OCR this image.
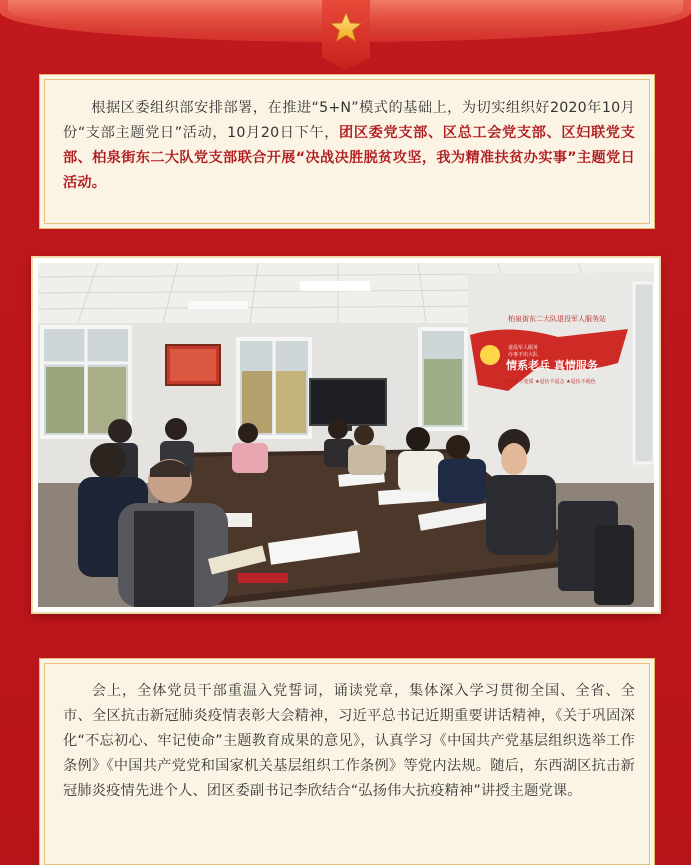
根据区委组织部安排部署，在推进“5+N”模式的基础上，为切实组织好2020年10月份“支部主题党日”活动，10月20日下午，团区委党支部、区总工会党支部、区妇联党支部、柏泉街东二大队党支部联合开展“决战决胜脱贫攻坚，我为精准扶贫办实事”主题党日活动。
柏泉街东二大队退役军人服务站
退役军人服务
办事不出大队
情系老兵 真情服务
★思想不变质 ★退伍不退志 ★退伍不褪色
会上，全体党员干部重温入党誓词，诵读党章，集体深入学习贯彻全国、全省、全市、全区抗击新冠肺炎疫情表彰大会精神，习近平总书记近期重要讲话精神，《关于巩固深化“不忘初心、牢记使命”主题教育成果的意见》，认真学习《中国共产党基层组织选举工作条例》《中国共产党党和国家机关基层组织工作条例》等党内法规。随后，东西湖区抗击新冠肺炎疫情先进个人、团区委副书记李欣结合“弘扬伟大抗疫精神”讲授主题党课。
